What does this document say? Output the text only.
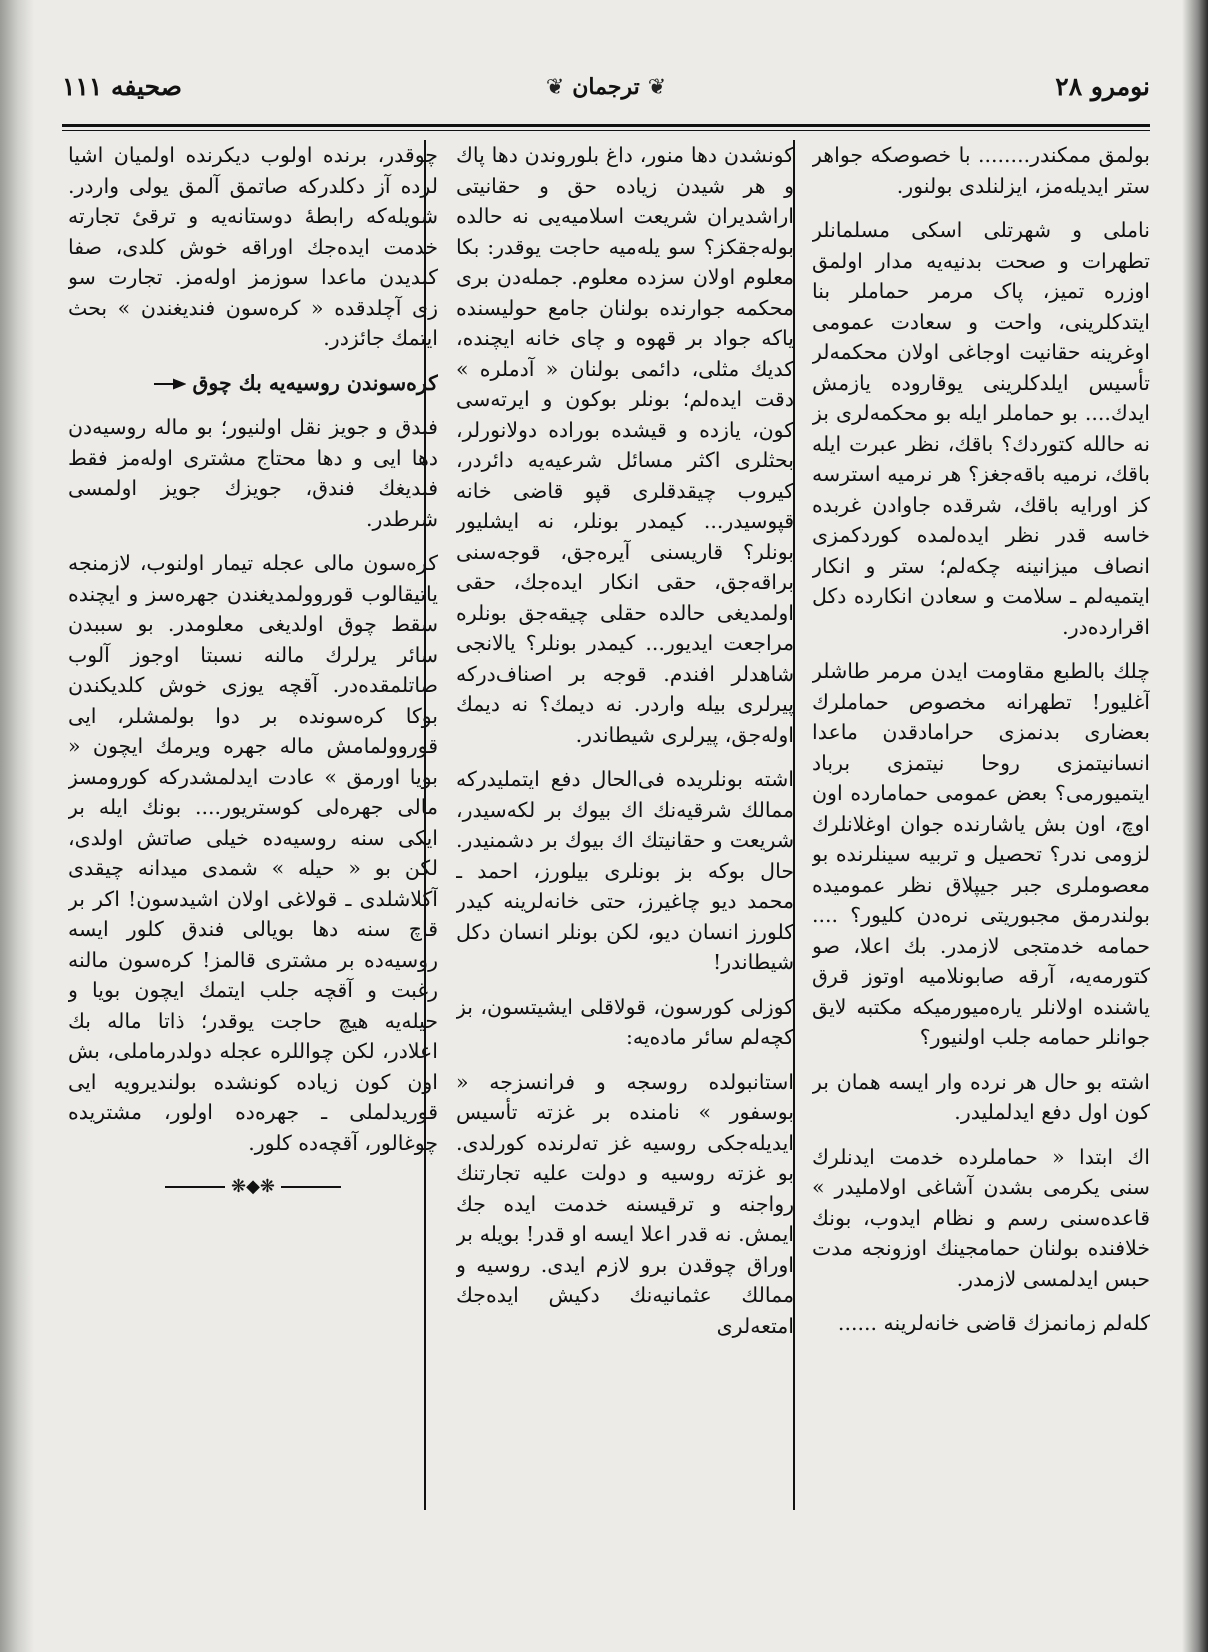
صحیفه ۱۱۱	❦ ترجمان ❦	نومرو ۲۸

بولمق ممکندر........ با خصوصکه جواهر ستر ایدیله‌مز، ایزلنلدی بولنور.

ناملی و شهرتلی اسکی مسلمانلر تطهرات و صحت بدنیه‌یه مدار اولمق اوزره تمیز، پاک مرمر حماملر بنا ایتدکلرینی، واحت و سعادت عمومی اوغرینه حقانیت اوجاغی اولان محکمه‌لر تأسیس ایلدکلرینی یوقاروده یازمش ایدك.... بو حماملر ایله بو محکمه‌لری بز نه حالله کتوردك؟ باقك، نظر عبرت ایله باقك، نرمیه باقه‌جغز؟ هر نرمیه استرسه كز اورایه باقك، شرقده جاوادن غربده خاسه قدر نظر ایده‌لمده کوردکمزی انصاف میزانینه چکه‌لم؛ ستر و انکار ایتمیه‌لم ـ سلامت و سعادن انکارده دکل اقرارده‌در.

چلك بالطبع مقاومت ایدن مرمر طاشلر آغلیور! تطهرانه مخصوص حماملرك بعضاری بدنمزی حرامادقدن ماعدا انسانیتمزی روحا نیتمزی برباد ایتمیورمی؟ بعض عمومی حمامارده اون اوچ، اون بش یاشارنده جوان اوغلانلرك لزومی ندر؟ تحصیل و تربیه سینلرنده بو معصوملری جبر جیپلاق نظر عمومیده بولندرمق مجبوریتی نره‌دن کلیور؟ .... حمامه خدمتجی لازمدر. بك اعلا، صو کتورمه‌یه، آرقه صابونلامیه اوتوز قرق یاشنده اولانلر یاره‌میورمیکه مکتبه لایق جوانلر حمامه جلب اولنیور؟

اشته بو حال هر نرده وار ایسه همان بر کون اول دفع ایدلملیدر.

اك ابتدا « حماملرده خدمت ایدنلرك سنی یکرمی بشدن آشاغی اولاملیدر » قاعده‌سنی رسم و نظام ایدوب، بونك خلافنده بولنان حمامجینك اوزونجه مدت حبس ایدلمسی لازمدر.

کله‌لم زمانمزك قاضی خانه‌لرینه ......

کونشدن دها منور، داغ بلوروندن دها پاك و هر شیدن زیاده حق و حقانیتی اراشدیران شریعت اسلامیه‌یی نه حالده بوله‌جقکز؟ سو یله‌میه حاجت یوقدر: بکا معلوم اولان سزده معلوم. جمله‌دن بری محکمه جوارنده بولنان جامع حولیسنده یاکه جواد بر قهوه و چای خانه ایچنده، کدیك مثلی، دائمی بولنان « آدملره » دقت ایده‌لم؛ بونلر بوکون و ایرته‌سی کون، یازده و قیشده بوراده دولانورلر، بحثلری اکثر مسائل شرعیه‌یه دائردر، کیروب چیقدقلری قپو قاضی خانه قپوسیدر... کیمدر بونلر، نه ایشلیور بونلر؟ قاریسنی آیره‌جق، قوجه‌سنی براقه‌جق، حقی انکار ایده‌جك، حقی اولمدیغی حالده حقلی چیقه‌جق بونلره مراجعت ایدیور... کیمدر بونلر؟ یالانجی شاهدلر افندم. قوجه بر اصناف‌درکه پیرلری بیله واردر. نه دیمك؟ نه دیمك اوله‌جق، پیرلری شیطاندر.

اشته بونلریده فی‌الحال دفع ایتملیدرکه ممالك شرقیه‌نك اك بیوك بر لکه‌سیدر، شریعت و حقانیتك اك بیوك بر دشمنیدر. حال بوکه بز بونلری بیلورز، احمد ـ محمد دیو چاغیرز، حتی خانه‌لرینه کیدر کلورز انسان دیو، لکن بونلر انسان دکل شیطاندر!

کوزلی کورسون، قولاقلی ایشیتسون، بز کچه‌لم سائر ماده‌یه:

استانبولده روسجه و فرانسزجه « بوسفور » نامنده بر غزته تأسیس ایدیله‌جکی روسیه غز ته‌لرنده کورلدی. بو غزته روسیه و دولت علیه تجارتنك رواجنه و ترقیسنه خدمت ایده جك ایمش. نه قدر اعلا ایسه او قدر! بویله بر اوراق چوقدن برو لازم ایدی. روسیه و ممالك عثمانیه‌نك دکیش ایده‌جك امتعه‌لری

چوقدر، برنده اولوب دیکرنده اولمیان اشیا لرده آز دکلدرکه صاتمق آلمق یولی واردر. شویله‌که رابطهٔ دوستانه‌یه و ترقیٔ تجارته خدمت ایده‌جك اوراقه خوش کلدی، صفا کلدیدن ماعدا سوزمز اوله‌مز. تجارت سو زی آچلدقده « کره‌سون فندیغندن » بحث ایتمك جائزدر.

کره‌سوندن روسیه‌یه بك چوق

فندق و جویز نقل اولنیور؛ بو ماله روسیه‌دن دها ایی و دها محتاج مشتری اوله‌مز فقط فندیغك فندق، جویزك جویز اولمسی شرطدر.

کره‌سون مالی عجله تیمار اولنوب، لازمنجه یاتیقالوب قوروولمدیغندن جهره‌سز و ایچنده سقط چوق اولدیغی معلومدر. بو سببدن سائر یرلرك مالنه نسبتا اوجوز آلوب صاتلمقده‌در. آقچه یوزی خوش کلدیکندن بوکا کره‌سونده بر دوا بولمشلر، ایی قوروولمامش ماله جهره ویرمك ایچون « بویا اورمق » عادت ایدلمشدرکه کورومسز مالی جهره‌لی کوستریور.... بونك ایله بر ایکی سنه روسیه‌ده خیلی صاتش اولدی، لکن بو « حیله » شمدی میدانه چیقدی آکلاشلدی ـ قولاغی اولان اشیدسون! اکر بر قاچ سنه دها بویالی فندق کلور ایسه روسیه‌ده بر مشتری قالمز! کره‌سون مالنه رغبت و آقچه جلب ایتمك ایچون بویا و حیله‌یه هیچ حاجت یوقدر؛ ذاتا ماله بك اعلادر، لکن چواللره عجله دولدرماملی، بش اون کون زیاده کونشده بولندیرویه ایی قوریدلملی ـ جهره‌ده اولور، مشتریده چوغالور، آقچه‌ده کلور.

❋◆❋
